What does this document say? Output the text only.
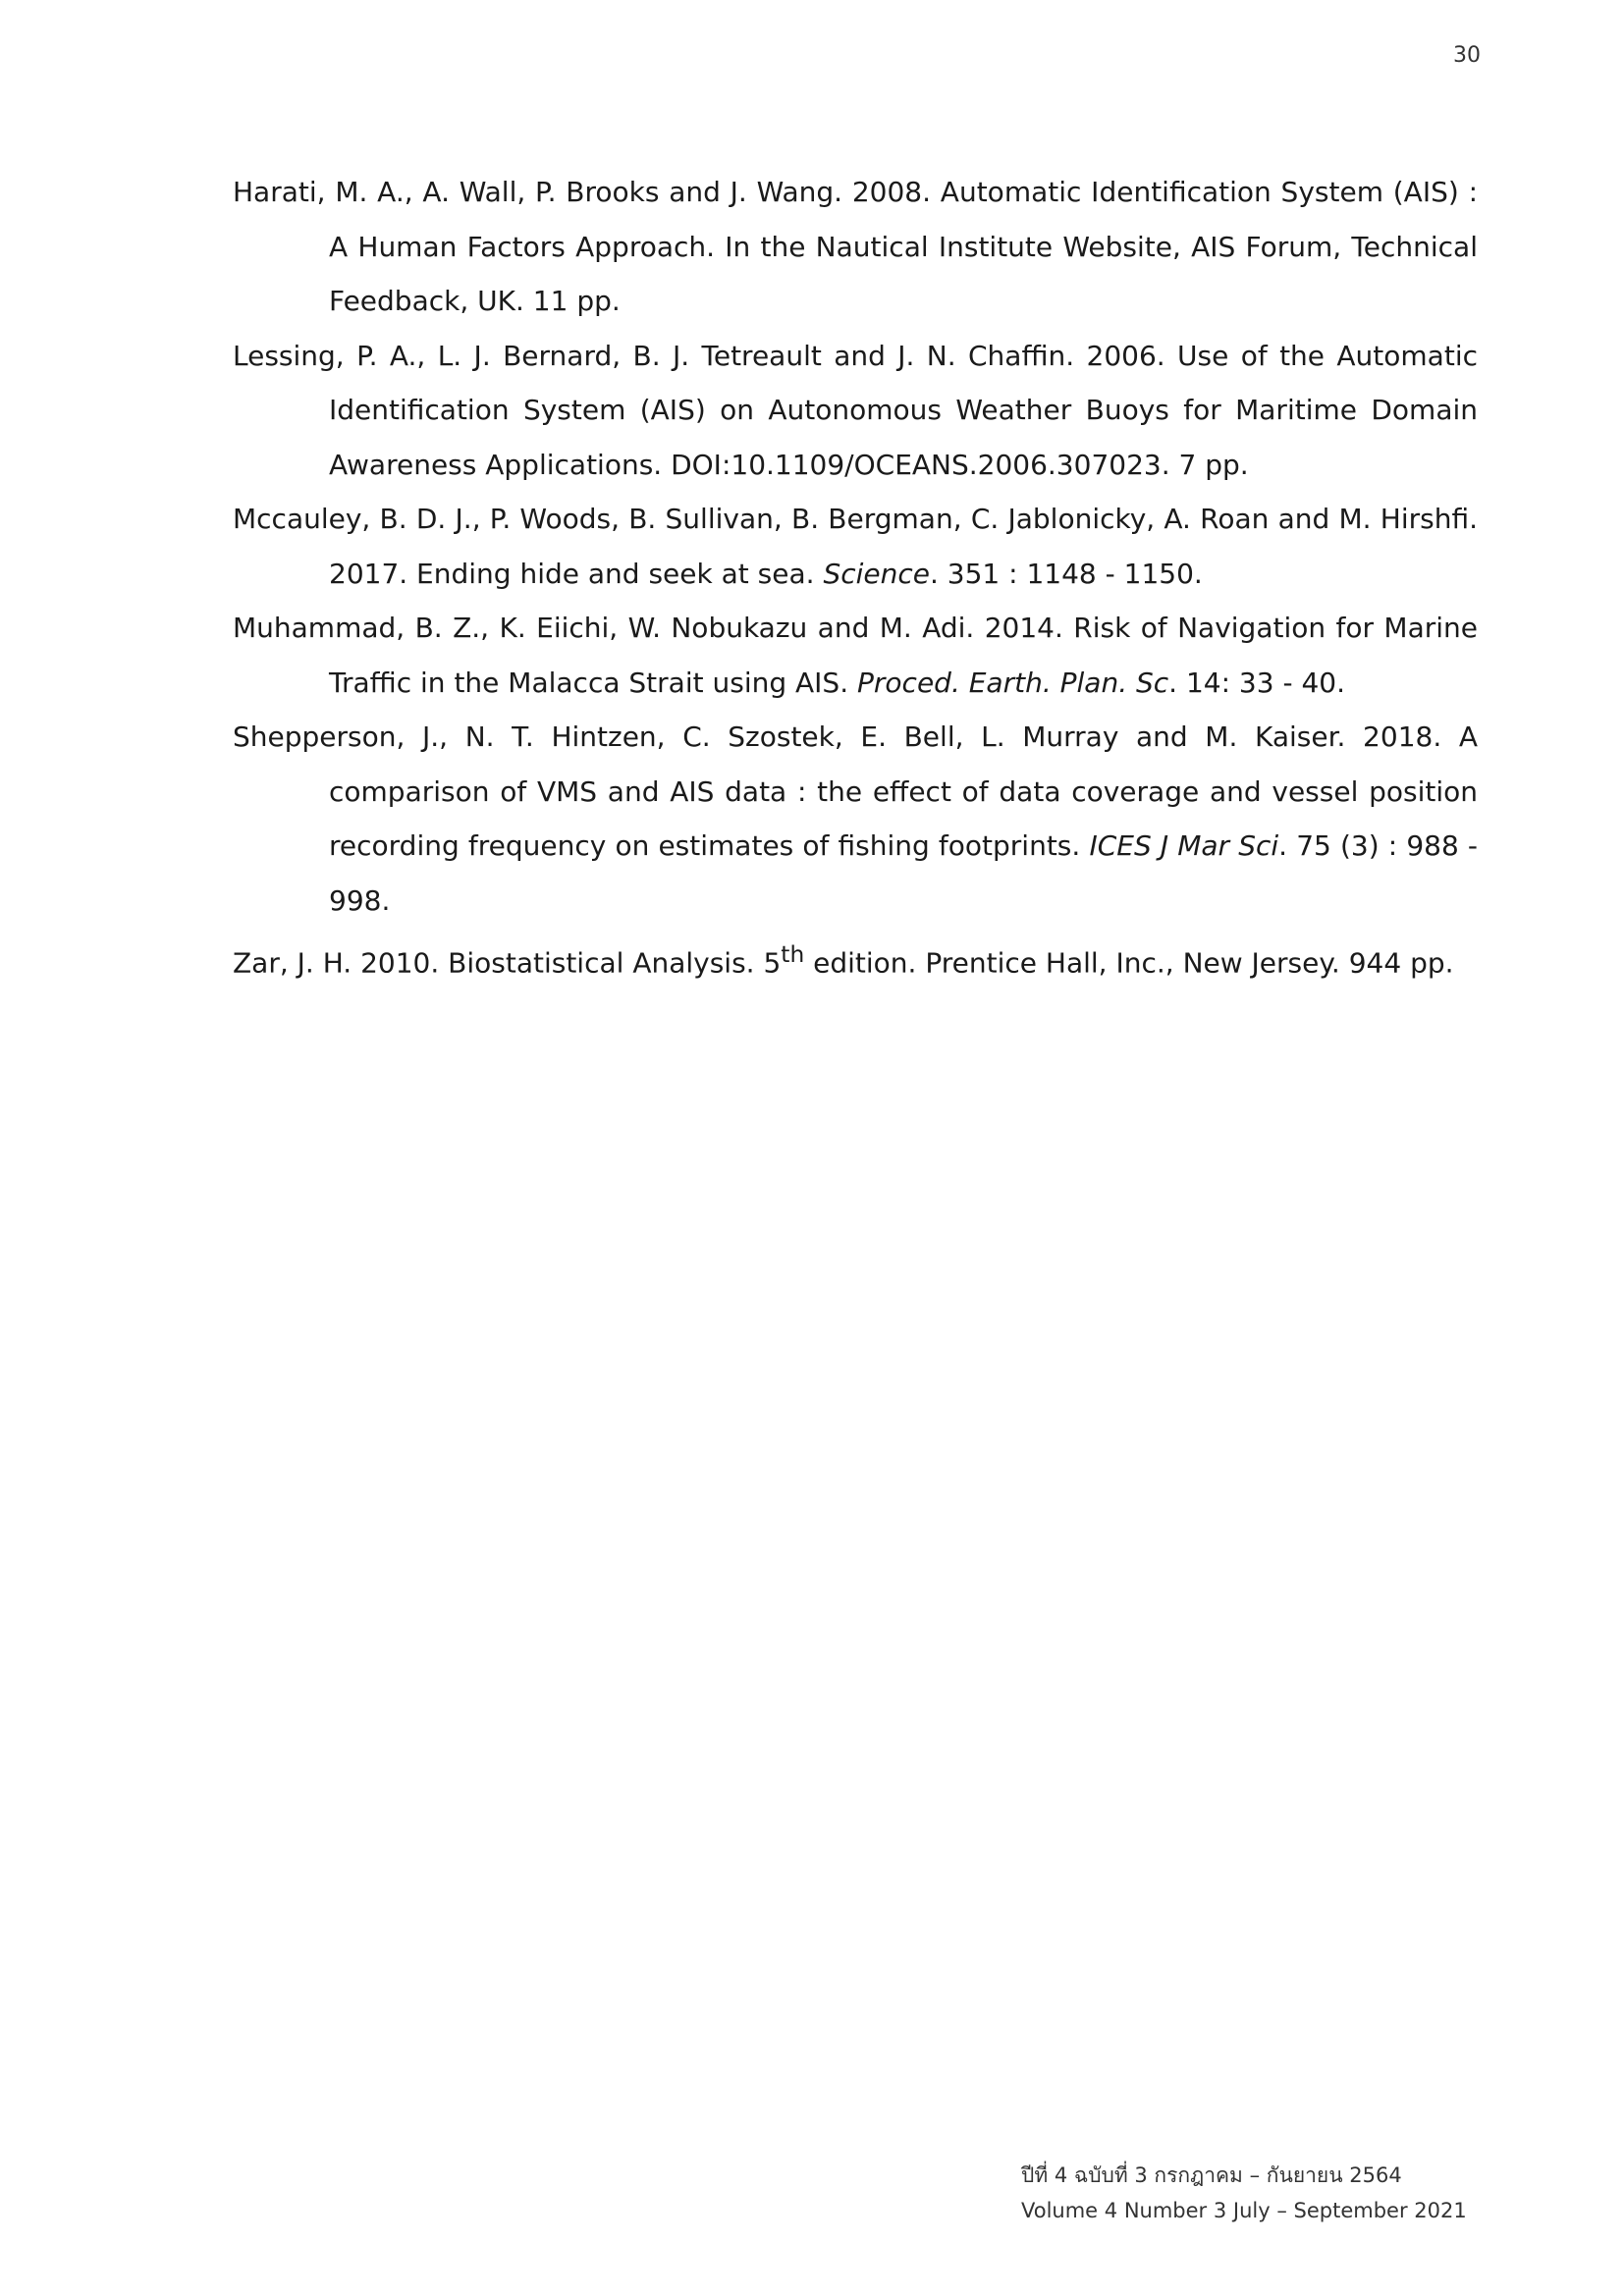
30

Harati, M. A., A. Wall, P. Brooks and J. Wang. 2008. Automatic Identification System (AIS) : A Human Factors Approach. In the Nautical Institute Website, AIS Forum, Technical Feedback, UK. 11 pp.

Lessing, P. A., L. J. Bernard, B. J. Tetreault and J. N. Chaffin. 2006. Use of the Automatic Identification System (AIS) on Autonomous Weather Buoys for Maritime Domain Awareness Applications. DOI:10.1109/OCEANS.2006.307023. 7 pp.

Mccauley, B. D. J., P. Woods, B. Sullivan, B. Bergman, C. Jablonicky, A. Roan and M. Hirshfi. 2017. Ending hide and seek at sea. Science. 351 : 1148 - 1150.

Muhammad, B. Z., K. Eiichi, W. Nobukazu and M. Adi. 2014. Risk of Navigation for Marine Traffic in the Malacca Strait using AIS. Proced. Earth. Plan. Sc. 14: 33 - 40.

Shepperson, J., N. T. Hintzen, C. Szostek, E. Bell, L. Murray and M. Kaiser. 2018. A comparison of VMS and AIS data : the effect of data coverage and vessel position recording frequency on estimates of fishing footprints. ICES J Mar Sci. 75 (3) : 988 - 998.

Zar, J. H. 2010. Biostatistical Analysis. 5th edition. Prentice Hall, Inc., New Jersey. 944 pp.

ปีที่ 4 ฉบับที่ 3 กรกฎาคม – กันยายน 2564
Volume 4 Number 3 July – September 2021
